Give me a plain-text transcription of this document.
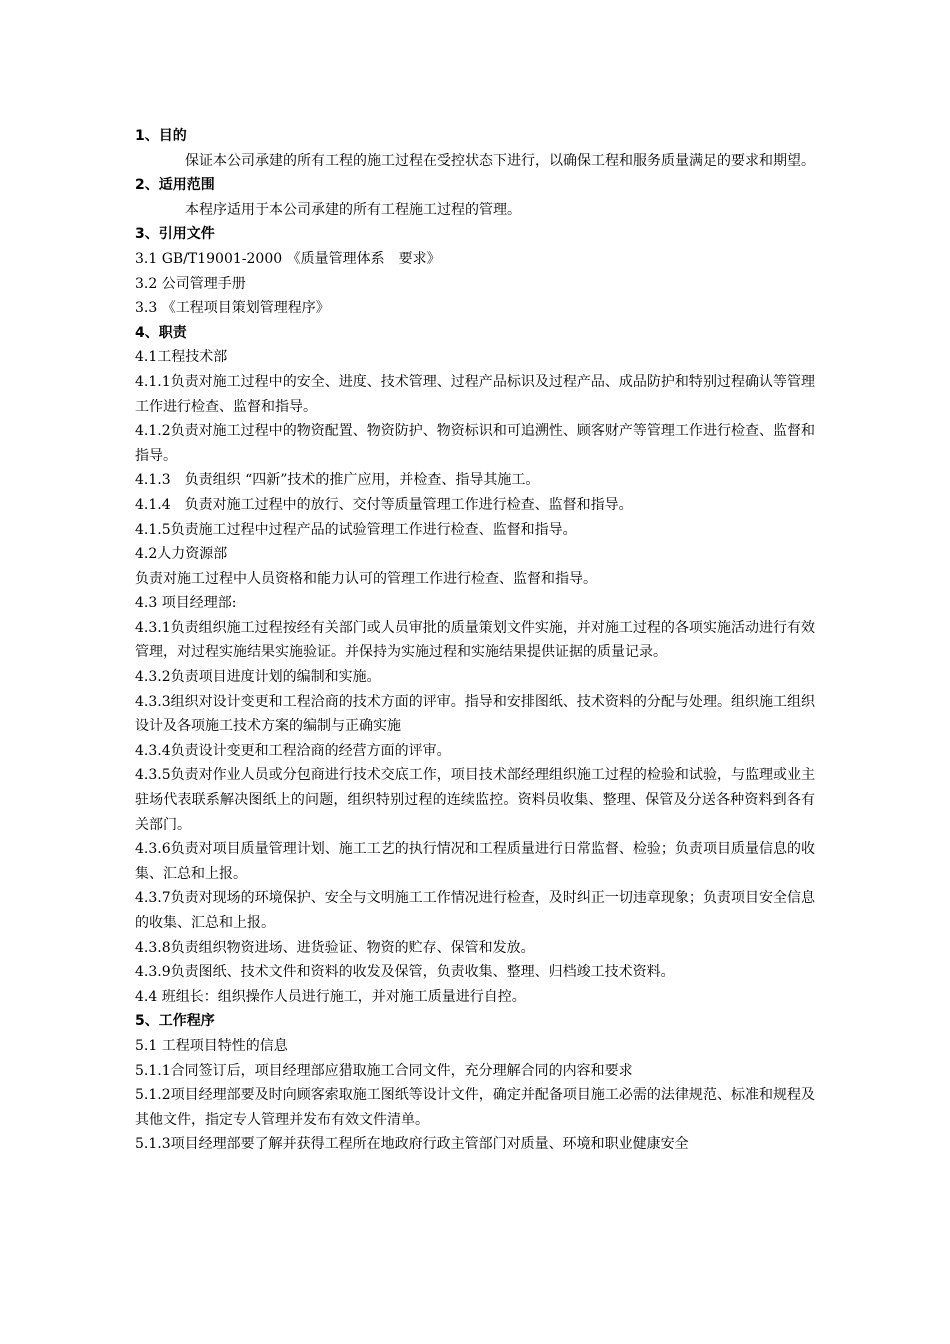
1、目的
保证本公司承建的所有工程的施工过程在受控状态下进行，以确保工程和服务质量满足的要求和期望。
2、适用范围
本程序适用于本公司承建的所有工程施工过程的管理。
3、引用文件
3.1 GB/T19001-2000 《质量管理体系　要求》
3.2 公司管理手册
3.3 《工程项目策划管理程序》
4、职责
4.1工程技术部
4.1.1负责对施工过程中的安全、进度、技术管理、过程产品标识及过程产品、成品防护和特别过程确认等管理工作进行检查、监督和指导。
4.1.2负责对施工过程中的物资配置、物资防护、物资标识和可追溯性、顾客财产等管理工作进行检查、监督和指导。
4.1.3　负责组织 “四新”技术的推广应用，并检查、指导其施工。
4.1.4　负责对施工过程中的放行、交付等质量管理工作进行检查、监督和指导。
4.1.5负责施工过程中过程产品的试验管理工作进行检查、监督和指导。
4.2人力资源部
负责对施工过程中人员资格和能力认可的管理工作进行检查、监督和指导。
4.3 项目经理部:
4.3.1负责组织施工过程按经有关部门或人员审批的质量策划文件实施，并对施工过程的各项实施活动进行有效管理，对过程实施结果实施验证。并保持为实施过程和实施结果提供证据的质量记录。
4.3.2负责项目进度计划的编制和实施。
4.3.3组织对设计变更和工程洽商的技术方面的评审。指导和安排图纸、技术资料的分配与处理。组织施工组织设计及各项施工技术方案的编制与正确实施
4.3.4负责设计变更和工程洽商的经营方面的评审。
4.3.5负责对作业人员或分包商进行技术交底工作，项目技术部经理组织施工过程的检验和试验，与监理或业主驻场代表联系解决图纸上的问题，组织特别过程的连续监控。资料员收集、整理、保管及分送各种资料到各有关部门。
4.3.6负责对项目质量管理计划、施工工艺的执行情况和工程质量进行日常监督、检验；负责项目质量信息的收集、汇总和上报。
4.3.7负责对现场的环境保护、安全与文明施工工作情况进行检查，及时纠正一切违章现象；负责项目安全信息的收集、汇总和上报。
4.3.8负责组织物资进场、进货验证、物资的贮存、保管和发放。
4.3.9负责图纸、技术文件和资料的收发及保管，负责收集、整理、归档竣工技术资料。
4.4 班组长：组织操作人员进行施工，并对施工质量进行自控。
5、工作程序
5.1 工程项目特性的信息
5.1.1合同签订后，项目经理部应猎取施工合同文件，充分理解合同的内容和要求
5.1.2项目经理部要及时向顾客索取施工图纸等设计文件，确定并配备项目施工必需的法律规范、标准和规程及其他文件，指定专人管理并发布有效文件清单。
5.1.3项目经理部要了解并获得工程所在地政府行政主管部门对质量、环境和职业健康安全
